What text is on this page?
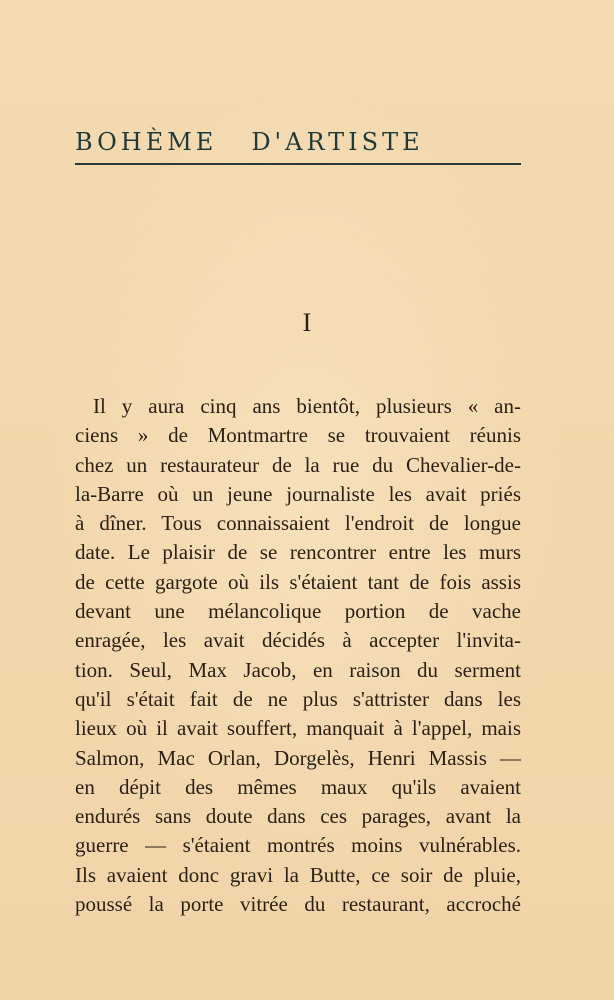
BOHÈME D'ARTISTE
I
Il y aura cinq ans bientôt, plusieurs « an-
ciens » de Montmartre se trouvaient réunis
chez un restaurateur de la rue du Chevalier-de-
la-Barre où un jeune journaliste les avait priés
à dîner. Tous connaissaient l'endroit de longue
date. Le plaisir de se rencontrer entre les murs
de cette gargote où ils s'étaient tant de fois assis
devant une mélancolique portion de vache
enragée, les avait décidés à accepter l'invita-
tion. Seul, Max Jacob, en raison du serment
qu'il s'était fait de ne plus s'attrister dans les
lieux où il avait souffert, manquait à l'appel, mais
Salmon, Mac Orlan, Dorgelès, Henri Massis —
en dépit des mêmes maux qu'ils avaient
endurés sans doute dans ces parages, avant la
guerre — s'étaient montrés moins vulnérables.
Ils avaient donc gravi la Butte, ce soir de pluie,
poussé la porte vitrée du restaurant, accroché
